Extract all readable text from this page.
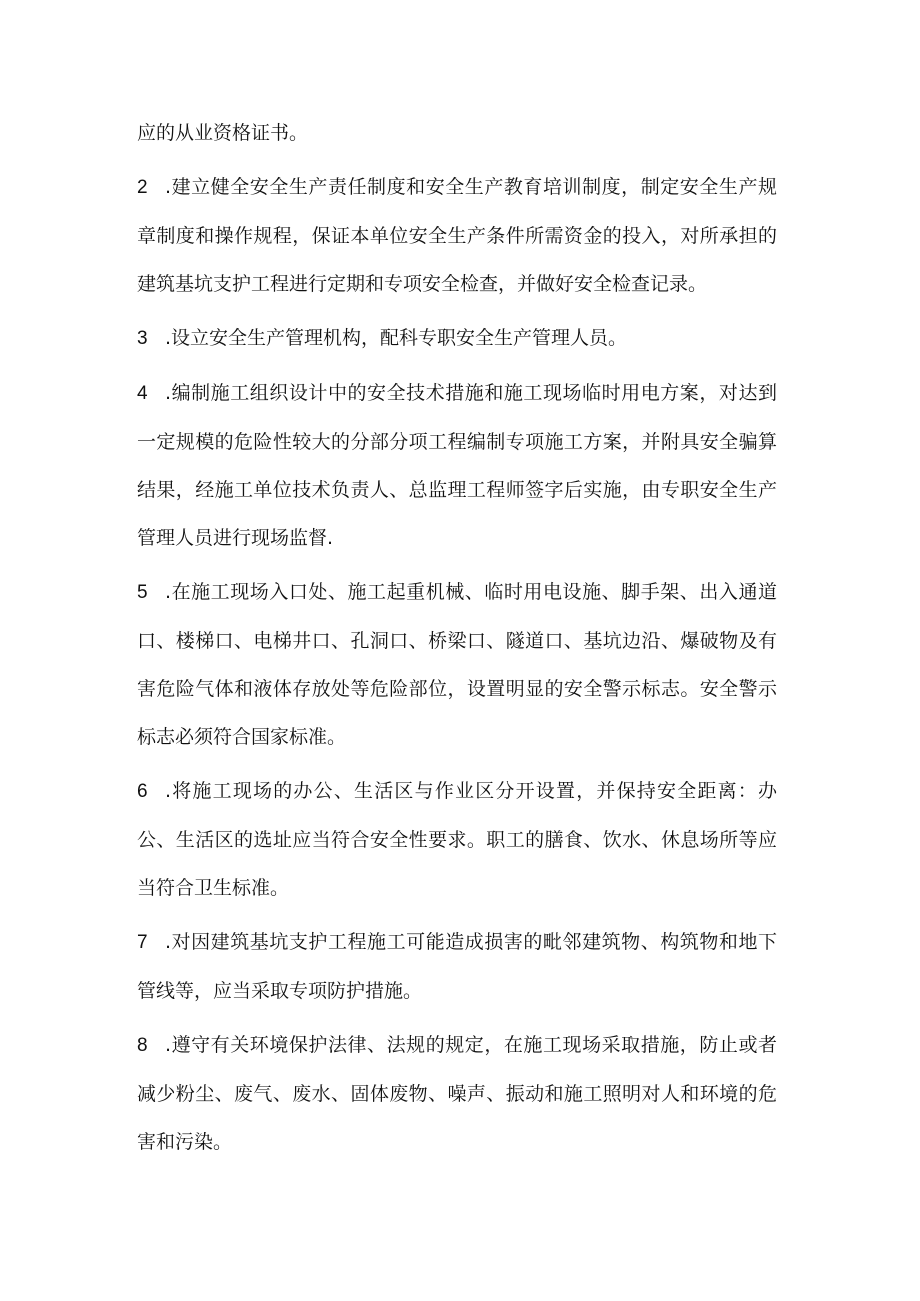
应的从业资格证书。

2 .建立健全安全生产责任制度和安全生产教育培训制度，制定安全生产规章制度和操作规程，保证本单位安全生产条件所需资金的投入，对所承担的建筑基坑支护工程进行定期和专项安全检查，并做好安全检查记录。

3 .设立安全生产管理机构，配科专职安全生产管理人员。

4 .编制施工组织设计中的安全技术措施和施工现场临时用电方案，对达到一定规模的危险性较大的分部分项工程编制专项施工方案，并附具安全骗算结果，经施工单位技术负责人、总监理工程师签字后实施，由专职安全生产管理人员进行现场监督.

5 .在施工现场入口处、施工起重机械、临时用电设施、脚手架、出入通道口、楼梯口、电梯井口、孔洞口、桥梁口、隧道口、基坑边沿、爆破物及有害危险气体和液体存放处等危险部位，设置明显的安全警示标志。安全警示标志必须符合国家标准。

6 .将施工现场的办公、生活区与作业区分开设置，并保持安全距离：办公、生活区的选址应当符合安全性要求。职工的膳食、饮水、休息场所等应当符合卫生标准。

7 .对因建筑基坑支护工程施工可能造成损害的毗邻建筑物、构筑物和地下管线等，应当采取专项防护措施。

8 .遵守有关环境保护法律、法规的规定，在施工现场采取措施，防止或者减少粉尘、废气、废水、固体废物、噪声、振动和施工照明对人和环境的危害和污染。
